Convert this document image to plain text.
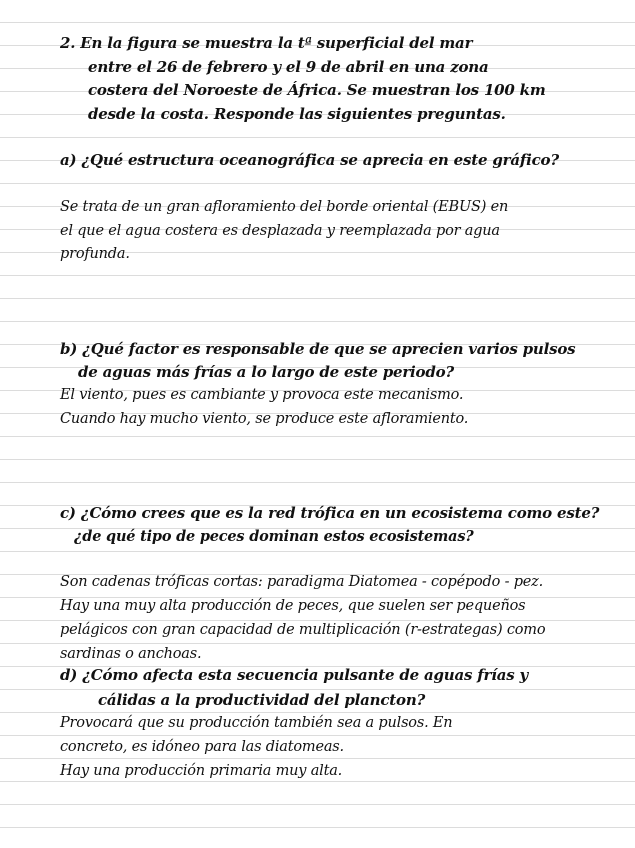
2. En la figura se muestra la tª superficial del mar
entre el 26 de febrero y el 9 de abril en una zona
costera del Noroeste de África. Se muestran los 100 km
desde la costa. Responde las siguientes preguntas.
a) ¿Qué estructura oceanográfica se aprecia en este gráfico?
Se trata de un gran afloramiento del borde oriental (EBUS) en
el que el agua costera es desplazada y reemplazada por agua
profunda.
b) ¿Qué factor es responsable de que se aprecien varios pulsos
de aguas más frías a lo largo de este periodo?
El viento, pues es cambiante y provoca este mecanismo.
Cuando hay mucho viento, se produce este afloramiento.
c) ¿Cómo crees que es la red trófica en un ecosistema como este?
¿de qué tipo de peces dominan estos ecosistemas?
Son cadenas tróficas cortas: paradigma Diatomea - copépodo - pez.
Hay una muy alta producción de peces, que suelen ser pequeños
pelágicos con gran capacidad de multiplicación (r-estrategas) como
sardinas o anchoas.
d) ¿Cómo afecta esta secuencia pulsante de aguas frías y
cálidas a la productividad del plancton?
Provocará que su producción también sea a pulsos. En
concreto, es idóneo para las diatomeas.
Hay una producción primaria muy alta.
